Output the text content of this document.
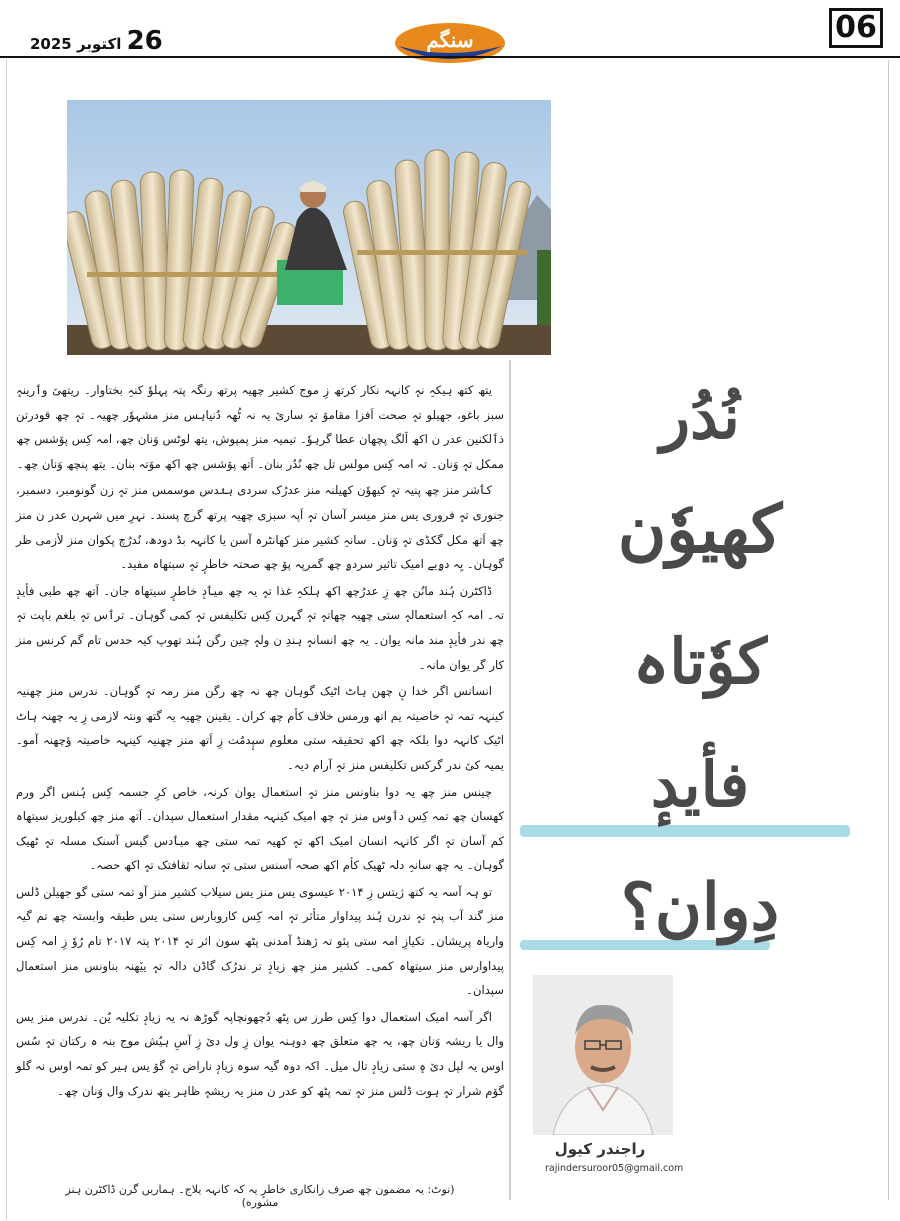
26 اکتوبر 2025	سنگم	06

یتھ کتھ ہیکہِ نہٕ کانہہ نکار کرتھ زِ موج کشیر چھیہ پرتھ رنگہ پتہ پہلوٗ کنہِ بختاوار۔ ریتھیٚ وٲرینہٕ سبز باغو، جھیلو تہٕ صحت اَفزا مقاموٚ تہٕ ساریٚ یہ نہ ٹُھہ دُنیاہس منز مشہوٗر چھیہ۔ تہٕ چھ قودرتن ذٲلکنین عدر ن اکھ اٚلگ پچھان عطا گرہوٗ۔ تیمیہ منز پمپوش، یتھ لوٹس وَنان چھ، امہ کِس پوٚشس چھ ممکل تہٕ وَنان۔ تہ امہ کِس مولس تل چھ نُدُر بنان۔ اَتھ پوٚشس چھ اکھ موٚتہ بنان۔ یتھ پنچھ وَنان چھ۔

کٲشر منز چھ پنیہ تہٕ کیھوٗن کھیلنہ منز عدرُک سردی ہنٛدس موسمس منز تہٕ زن گونومبر، دسمبر، جنوری تہٕ فروری یس منز میسر آسان تہٕ اَپہ سبزی چھیہ پرتھ گرچ پسند۔ نہرِ میں شہرن عدر ن منز چھ اَتھ مکل گکڈی تہٕ وَنان۔ سانہِ کشیر منز کھانٹرہ آسن یا کانہہ بڈ دودھ، نُدرُچ پکوان منز لأزمی ظر گوہان۔ یِہ دۄیے امیک تاثیر سردۄ چھ گمرپہ پوٚ چھ صحتہ خاطرٕ تہٕ سبتھاہ مفید۔

ڈاکٹرن ہُند مانُن چھ زِ عدرُچھ اکھ ہلکہِ غذا تہٕ یہ چھ میٲدٕ خاطرٕ سیتھاہ جان۔ اَتھ چھ طبی فأیدٕ تہ۔ امہ کہِ استعمالہٕ ستی چھیہ چھاتہٕ تہٕ گہرن کِس تکلیفس تہٕ کمی گوہان۔ ترٲس تہٕ بلغم باپت تہٕ چھ ندر فأیدٕ مند مانہ یوان۔ یہ چھ انسانہٕ ہندِ ن ولہٕ چین رگن ہُند تھوپ کیہ حدس تام گم کرنس منز کار گر یوان مانہ۔

انسانس اگر خدا نٕ چھن ہاٹ اٹیک گوہان چھ نہ چھ رگن منز رمہ تہٕ گوہان۔ ندرس منز چھنیہ کینہہ تمہ تہٕ خاصیتہ یم اتھ ورمس خلاف کأم چھ کران۔ یقینن چھیہ یہ گتھ ونتہ لازمی زِ یہ چھنہ ہاٹ اٹیک کانہہ دوا بلکہ چھ اکھ تحقیقہ ستی معلوم سپٕدمُت زِ اَتھ منز چھنیہ کینہہ خاصیتہ ؤچھنہ آمو۔ یمیہ کیٚ ندر گرکس تکلیفس منز تہٕ آرام دیہ۔

چینس منز چھ یہ دوا بناونس منز تہٕ استعمال یوان کرنہ، خاص کرِ جسمہ کِس ہُنس اگر ورم کھسان چھ تمہ کِس دٲوس منز تہٕ چھ امیک کینہہ مقدار استعمال سپدان۔ اَتھ منز چھ کیلوریز سیتھاہ کم آسان تہٕ اگر کانہہ انسان امیک اکھ تہٕ کھیہ تمہ ستی چھ میٲدس گیس آسنک مسلہ تہٕ ٹھیک گوہان۔ یہ چھ سانہِ دلہ ٹھیک کأم اکھ صحہ آسنس ستی تہٕ سانہ ثقافتک تہٕ اکھ حصہ۔

تو ہہ آسہ یہ کتھ ژیتس زِ ۲۰۱۴ عیسوی یس منز یس سیلاب کشیر منز آو تمہ ستی گو جھیلن ڈلس منز گند آب پنہٕ تہٕ ندرن ہُند پیداوار متأثر تہٕ امہ کِس کاروبارس ستی یس طبقہ وابستہ چھ تم گیہ واریاہ پریشان۔ تکیازِ امہ ستی پئو تہ ژھنڈ آمدنی پٹھ سون اثر تہٕ ۲۰۱۴ پتہ ۲۰۱۷ تام رُوٗ زِ امہ کِس پیداوارس منز سیتھاہ کمی۔ کشیر منز چھ زیادٕ تر ندرُک گاڈن دالہ تہٕ ییٚھنہ بناونس منز استعمال سپدان۔

اگر آسہ امیک استعمال دوا کِس طرز س پٹھ دُچھونچاپہ گوڑھ نہ یہ زیادٕ تکلیہ یُن۔ ندرس منز یس وال یا ریشہ وَنان چھ، یہ چھ متعلق چھ دوہنہ یوان زِ ول دیٚ زِ آسِ ہیُش موج بنہ ہ رکتان تہٕ سُس اوس یہ لپل دیٚ ہٕ ستی زیادٕ تال میل۔ اکہ دوہ گیہ سوہ زیادٕ ناراض تہٕ گوٚ یس ہیر کو تمہ اوس نہ گلو گوٚم شرار تہٕ ہوت ڈلس منز تہٕ تمہ پٹھ کو عدر ن منز یہ ریشہٕ ظاہر یتھ ندرک وال وَنان چھ۔

(نوٹ: یہ مضمون چھ صرف زانکاری خاطرٕ یہ کہ کانہہ یلاج۔ ہماریں گرن ڈاکٹرن ہنز مشوره)
نُدُر
کھیوٗن
کوٗتاہ
فأیدٕ
دِوان؟
راجندر کیول
rajindersuroor05@gmail.com
